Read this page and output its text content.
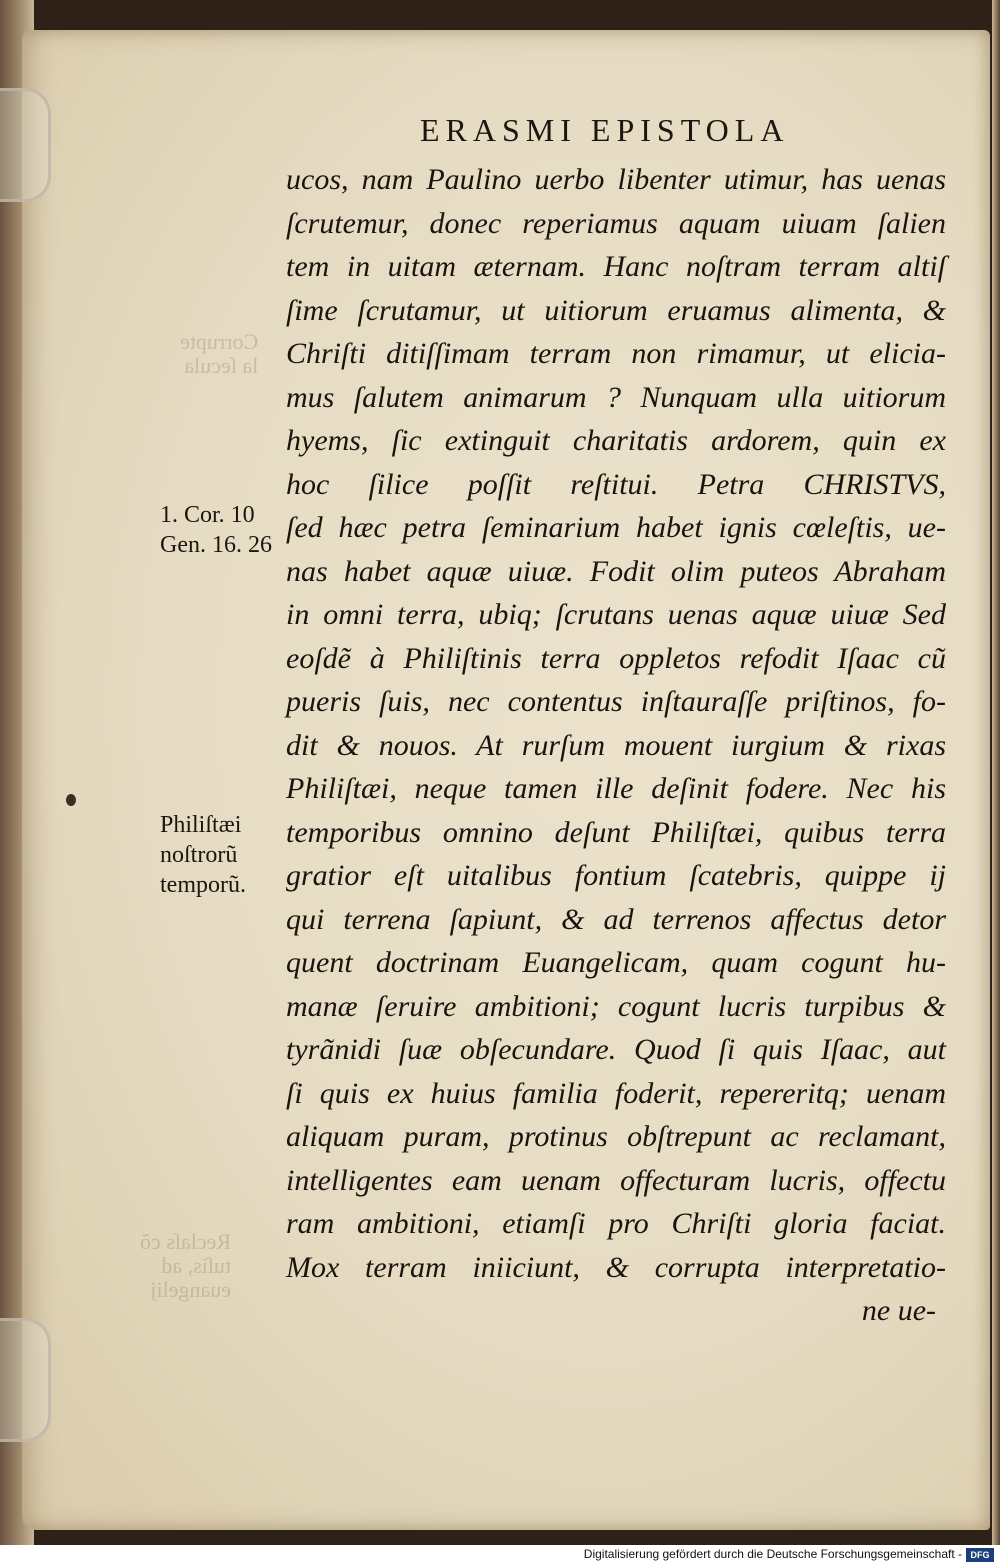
Corrupte
la ſecula
Reclaſs cõ
tuſis, ad
euangelij
ERASMI EPISTOLA
ucos, nam Paulino uerbo libenter utimur, has uenas
ſcrutemur, donec reperiamus aquam uiuam ſalien
tem in uitam æternam. Hanc noſtram terram altiſ
ſime ſcrutamur, ut uitiorum eruamus alimenta, &
Chriſti ditiſſimam terram non rimamur, ut elicia-
mus ſalutem animarum ? Nunquam ulla uitiorum
hyems, ſic extinguit charitatis ardorem, quin ex
hoc ſilice poſſit reſtitui. Petra CHRISTVS,
ſed hæc petra ſeminarium habet ignis cœleſtis, ue-
nas habet aquæ uiuæ. Fodit olim puteos Abraham
in omni terra, ubiq; ſcrutans uenas aquæ uiuæ Sed
eoſdẽ à Philiſtinis terra oppletos refodit Iſaac cũ
pueris ſuis, nec contentus inſtauraſſe priſtinos, fo-
dit & nouos. At rurſum mouent iurgium & rixas
Philiſtæi, neque tamen ille deſinit fodere. Nec his
temporibus omnino deſunt Philiſtæi, quibus terra
gratior eſt uitalibus fontium ſcatebris, quippe ij
qui terrena ſapiunt, & ad terrenos affectus detor
quent doctrinam Euangelicam, quam cogunt hu-
manæ ſeruire ambitioni; cogunt lucris turpibus &
tyrãnidi ſuæ obſecundare. Quod ſi quis Iſaac, aut
ſi quis ex huius familia foderit, repereritq; uenam
aliquam puram, protinus obſtrepunt ac reclamant,
intelligentes eam uenam offecturam lucris, offectu
ram ambitioni, etiamſi pro Chriſti gloria faciat.
Mox terram iniiciunt, & corrupta interpretatio-
ne ue-
1. Cor. 10
Gen. 16. 26
Philiſtæi
noſtrorũ
temporũ.
Digitalisierung gefördert durch die Deutsche Forschungsgemeinschaft - DFG
